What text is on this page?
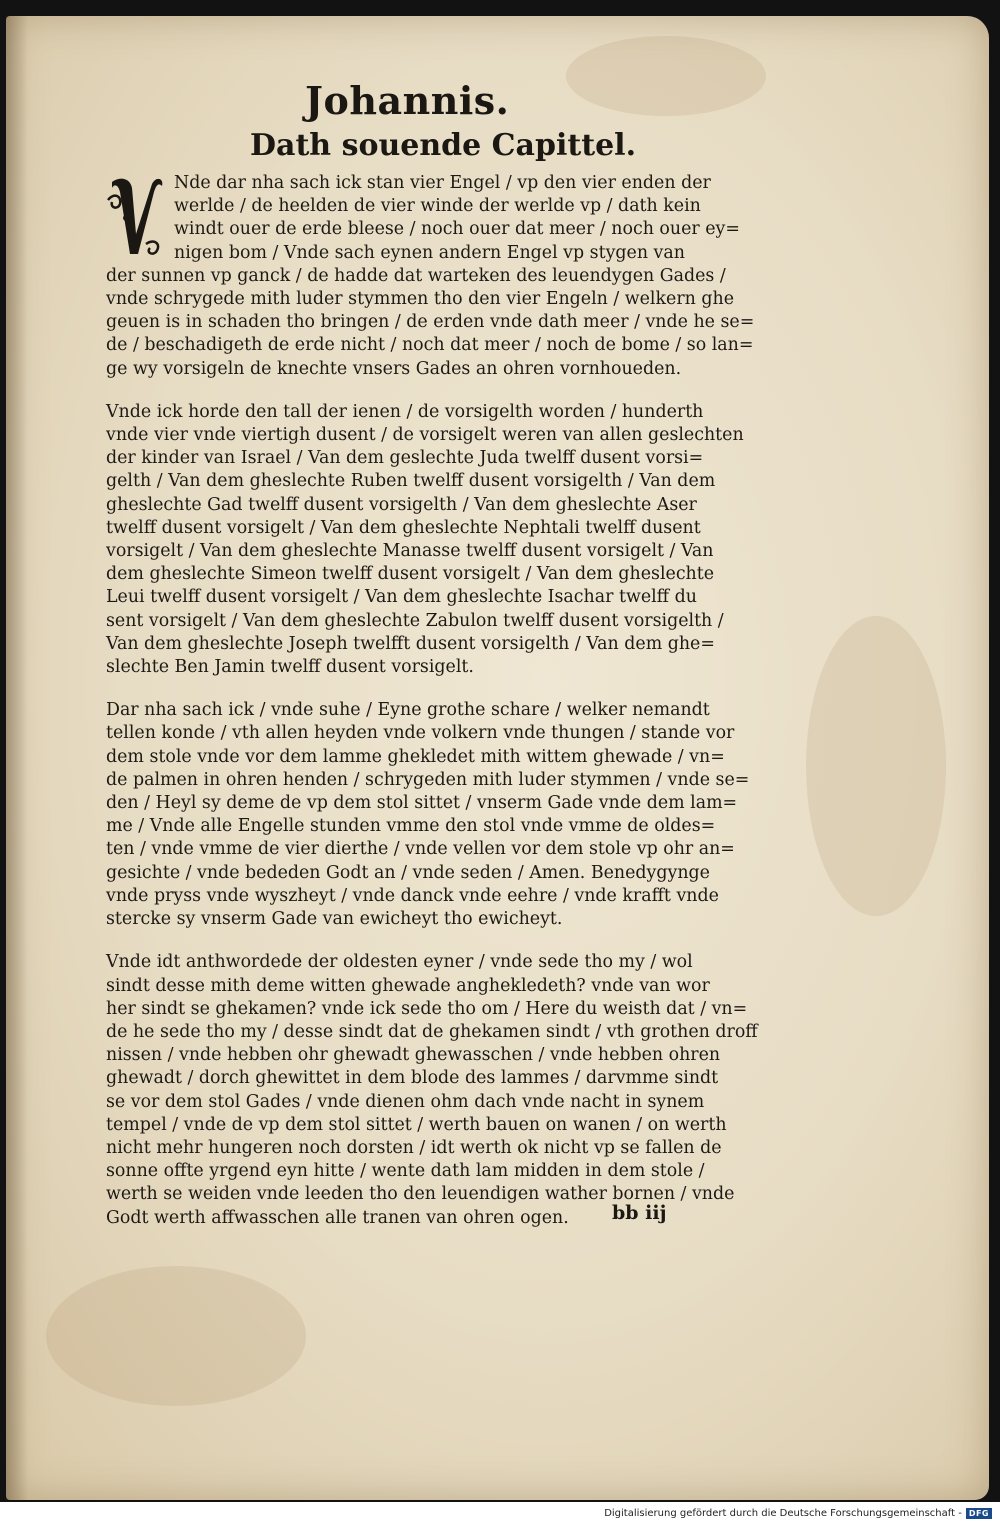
Johannis.
Dath souende Capittel.
Nde dar nha sach ick stan vier Engel / vp den vier enden der
werlde / de heelden de vier winde der werlde vp / dath kein
windt ouer de erde bleese / noch ouer dat meer / noch ouer ey=
nigen bom / Vnde sach eynen andern Engel vp stygen van
der sunnen vp ganck / de hadde dat warteken des leuendygen Gades /
vnde schrygede mith luder stymmen tho den vier Engeln / welkern ghe
geuen is in schaden tho bringen / de erden vnde dath meer / vnde he se=
de / beschadigeth de erde nicht / noch dat meer / noch de bome / so lan=
ge wy vorsigeln de knechte vnsers Gades an ohren vornhoueden.
Vnde ick horde den tall der ienen / de vorsigelth worden / hunderth
vnde vier vnde viertigh dusent / de vorsigelt weren van allen geslechten
der kinder van Israel / Van dem geslechte Juda twelff dusent vorsi=
gelth / Van dem gheslechte Ruben twelff dusent vorsigelth / Van dem
gheslechte Gad twelff dusent vorsigelth / Van dem gheslechte Aser
twelff dusent vorsigelt / Van dem gheslechte Nephtali twelff dusent
vorsigelt / Van dem gheslechte Manasse twelff dusent vorsigelt / Van
dem gheslechte Simeon twelff dusent vorsigelt / Van dem gheslechte
Leui twelff dusent vorsigelt / Van dem gheslechte Isachar twelff du
sent vorsigelt / Van dem gheslechte Zabulon twelff dusent vorsigelth /
Van dem gheslechte Joseph twelfft dusent vorsigelth / Van dem ghe=
slechte Ben Jamin twelff dusent vorsigelt.
Dar nha sach ick / vnde suhe / Eyne grothe schare / welker nemandt
tellen konde / vth allen heyden vnde volkern vnde thungen / stande vor
dem stole vnde vor dem lamme ghekledet mith wittem ghewade / vn=
de palmen in ohren henden / schrygeden mith luder stymmen / vnde se=
den / Heyl sy deme de vp dem stol sittet / vnserm Gade vnde dem lam=
me / Vnde alle Engelle stunden vmme den stol vnde vmme de oldes=
ten / vnde vmme de vier dierthe / vnde vellen vor dem stole vp ohr an=
gesichte / vnde bededen Godt an / vnde seden / Amen. Benedygynge
vnde pryss vnde wyszheyt / vnde danck vnde eehre / vnde krafft vnde
stercke sy vnserm Gade van ewicheyt tho ewicheyt.
Vnde idt anthwordede der oldesten eyner / vnde sede tho my / wol
sindt desse mith deme witten ghewade anghekledeth? vnde van wor
her sindt se ghekamen? vnde ick sede tho om / Here du weisth dat / vn=
de he sede tho my / desse sindt dat de ghekamen sindt / vth grothen droff
nissen / vnde hebben ohr ghewadt ghewasschen / vnde hebben ohren
ghewadt / dorch ghewittet in dem blode des lammes / darvmme sindt
se vor dem stol Gades / vnde dienen ohm dach vnde nacht in synem
tempel / vnde de vp dem stol sittet / werth bauen on wanen / on werth
nicht mehr hungeren noch dorsten / idt werth ok nicht vp se fallen de
sonne offte yrgend eyn hitte / wente dath lam midden in dem stole /
werth se weiden vnde leeden tho den leuendigen wather bornen / vnde
Godt werth affwasschen alle tranen van ohren ogen.	bb iij
Digitalisierung gefördert durch die Deutsche Forschungsgemeinschaft - DFG
